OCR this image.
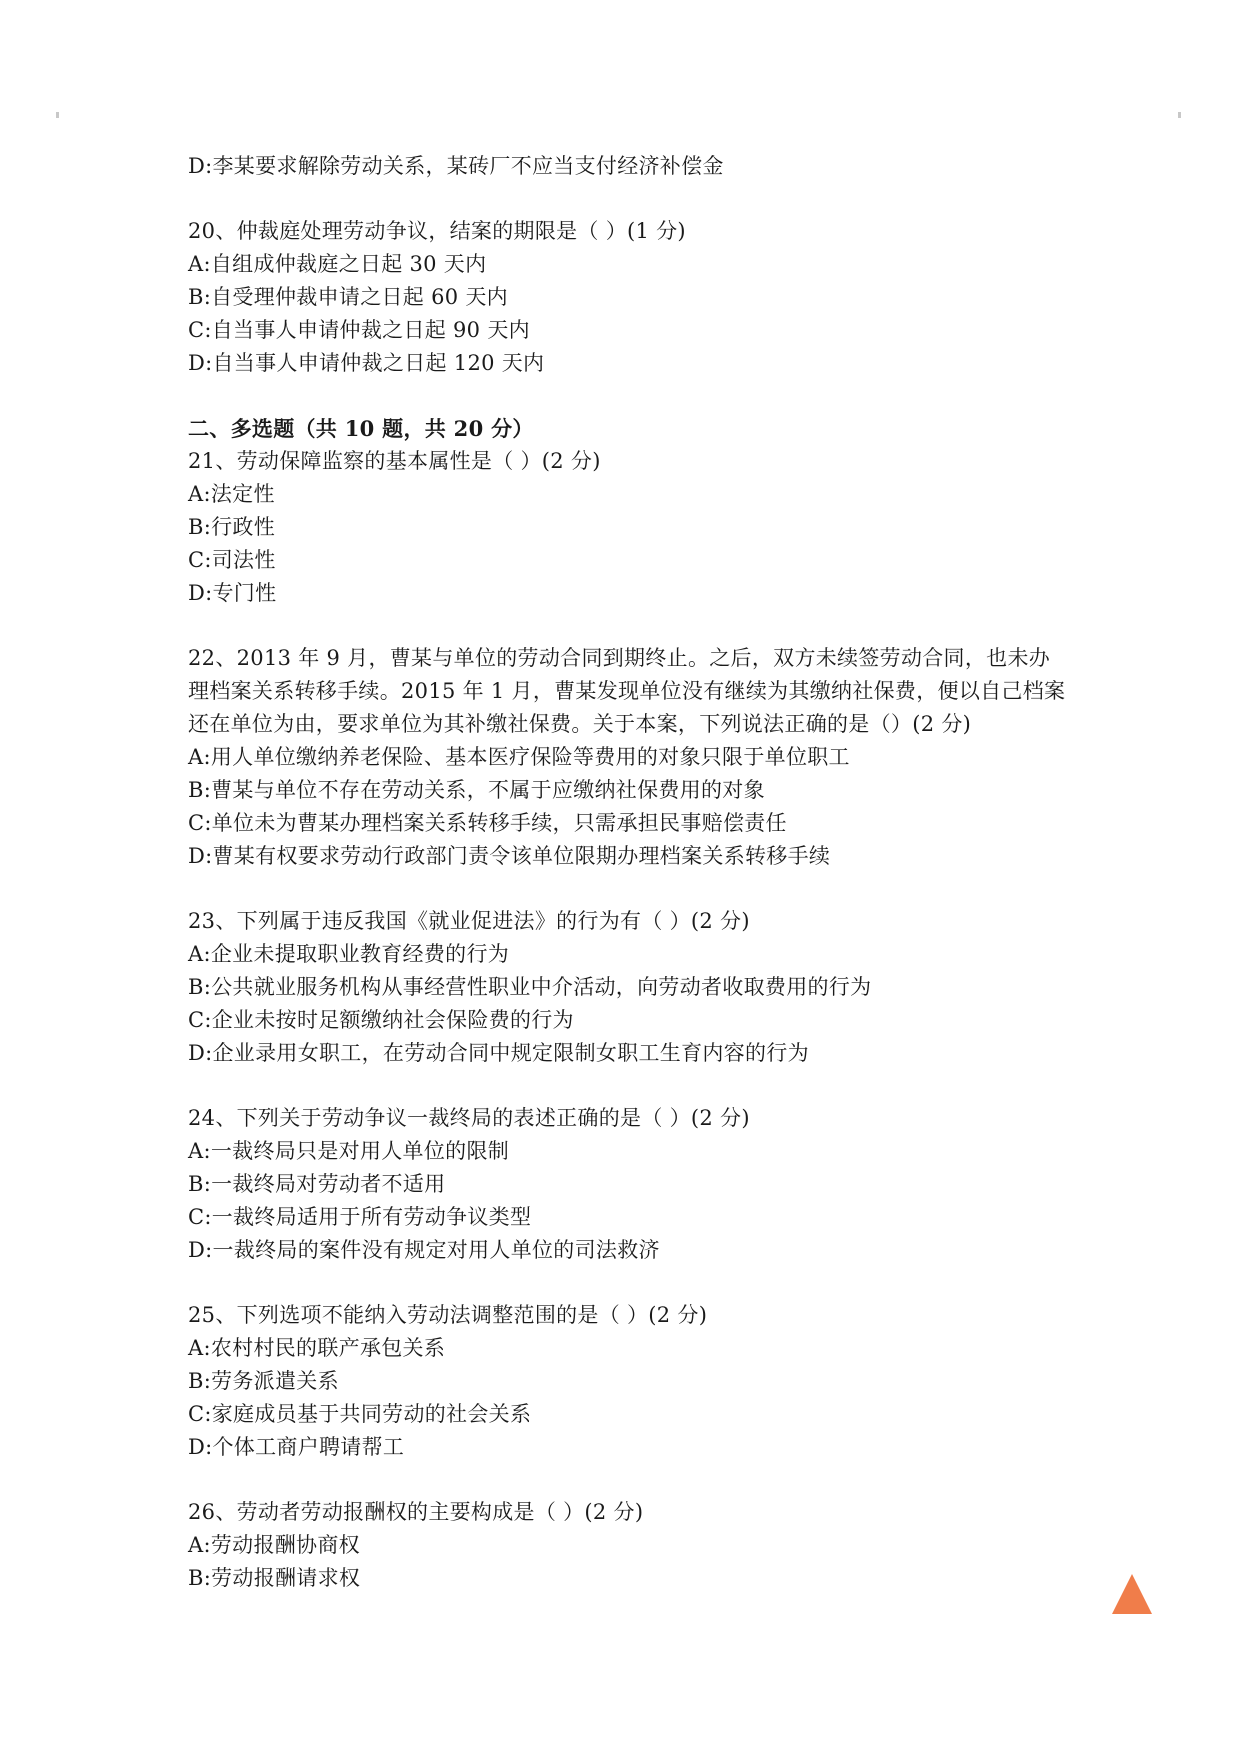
D:李某要求解除劳动关系，某砖厂不应当支付经济补偿金
20、仲裁庭处理劳动争议，结案的期限是（ ）(1 分)
A:自组成仲裁庭之日起 30 天内
B:自受理仲裁申请之日起 60 天内
C:自当事人申请仲裁之日起 90 天内
D:自当事人申请仲裁之日起 120 天内
二、多选题（共 10 题，共 20 分）
21、劳动保障监察的基本属性是（ ）(2 分)
A:法定性
B:行政性
C:司法性
D:专门性
22、2013 年 9 月，曹某与单位的劳动合同到期终止。之后，双方未续签劳动合同，也未办理档案关系转移手续。2015 年 1 月，曹某发现单位没有继续为其缴纳社保费，便以自己档案还在单位为由，要求单位为其补缴社保费。关于本案，下列说法正确的是（）(2 分)
A:用人单位缴纳养老保险、基本医疗保险等费用的对象只限于单位职工
B:曹某与单位不存在劳动关系，不属于应缴纳社保费用的对象
C:单位未为曹某办理档案关系转移手续，只需承担民事赔偿责任
D:曹某有权要求劳动行政部门责令该单位限期办理档案关系转移手续
23、下列属于违反我国《就业促进法》的行为有（ ）(2 分)
A:企业未提取职业教育经费的行为
B:公共就业服务机构从事经营性职业中介活动，向劳动者收取费用的行为
C:企业未按时足额缴纳社会保险费的行为
D:企业录用女职工，在劳动合同中规定限制女职工生育内容的行为
24、下列关于劳动争议一裁终局的表述正确的是（ ）(2 分)
A:一裁终局只是对用人单位的限制
B:一裁终局对劳动者不适用
C:一裁终局适用于所有劳动争议类型
D:一裁终局的案件没有规定对用人单位的司法救济
25、下列选项不能纳入劳动法调整范围的是（ ）(2 分)
A:农村村民的联产承包关系
B:劳务派遣关系
C:家庭成员基于共同劳动的社会关系
D:个体工商户聘请帮工
26、劳动者劳动报酬权的主要构成是（ ）(2 分)
A:劳动报酬协商权
B:劳动报酬请求权
